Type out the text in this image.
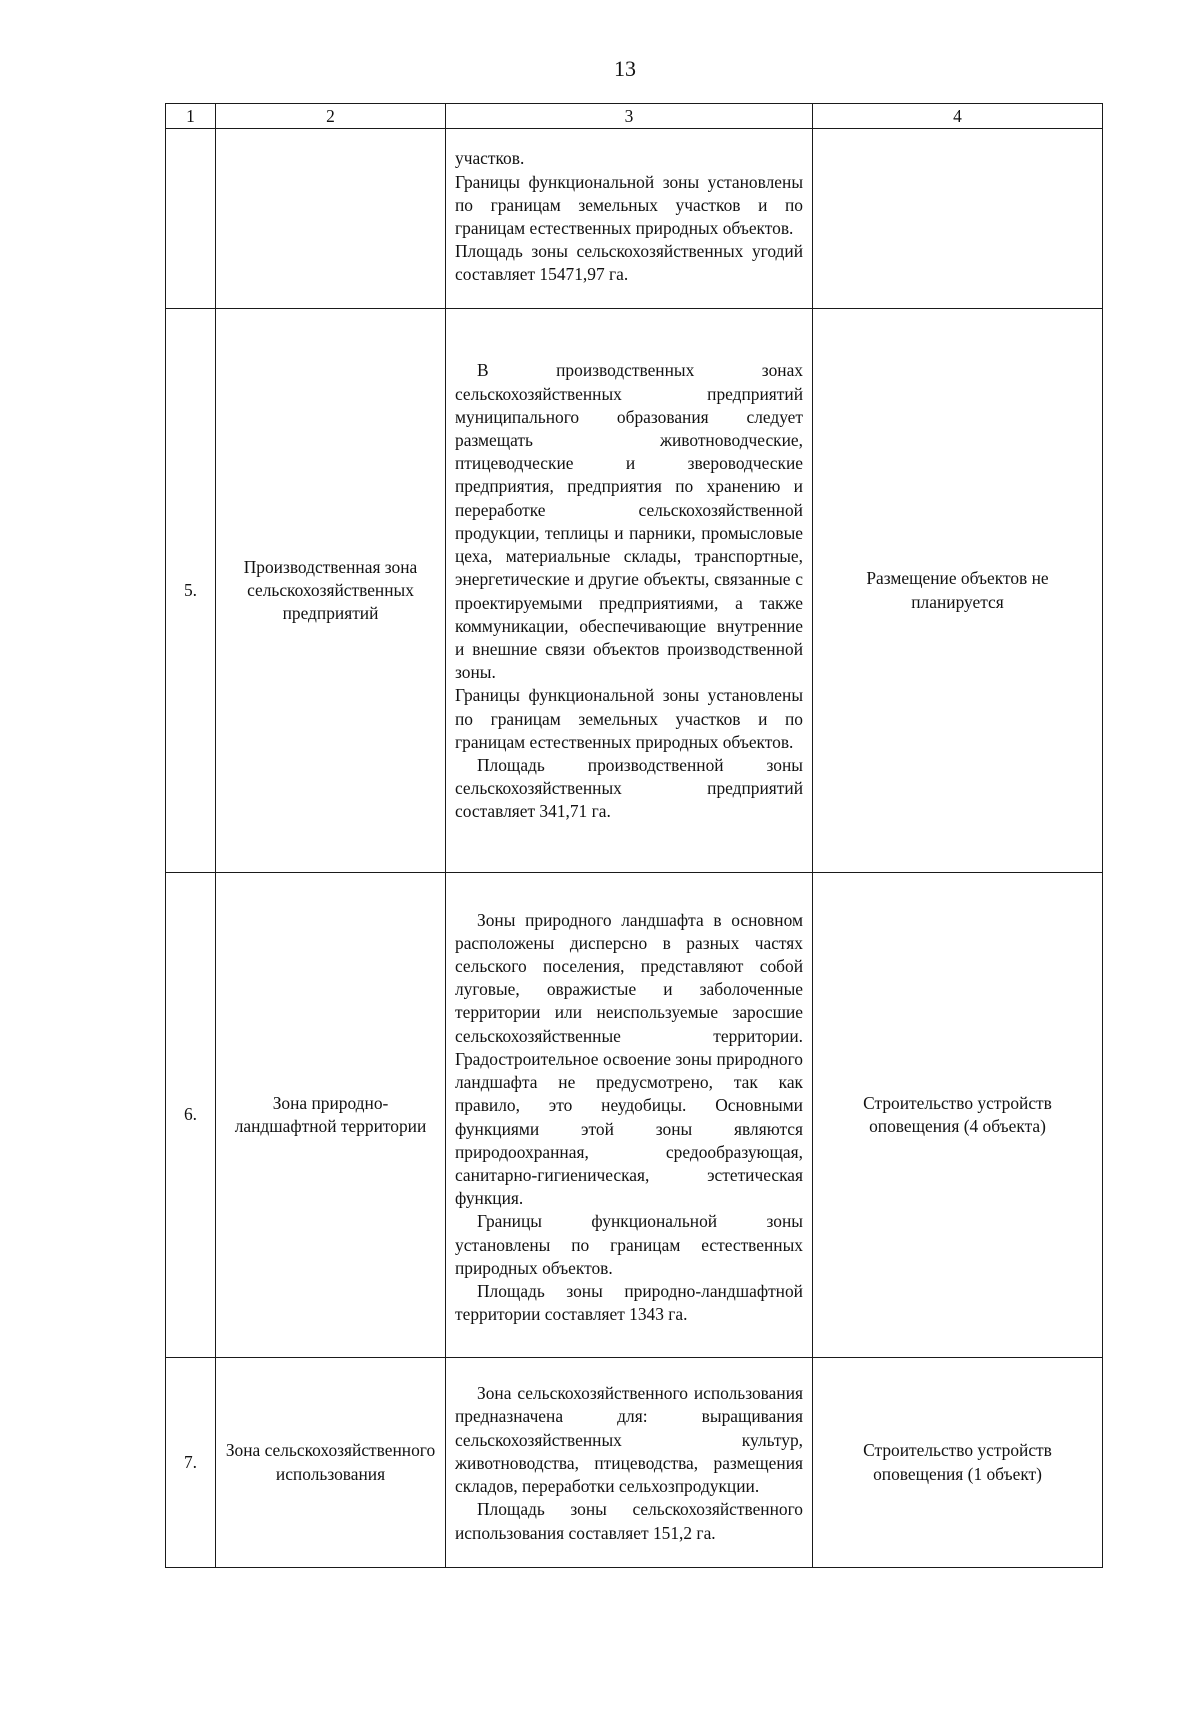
13
1	2	3	4

		участков.

Границы функциональной зоны установлены по границам земельных участков и по границам естественных природных объектов.

Площадь зоны сельскохозяйственных угодий составляет 15471,97 га.	

5.	Производственная зона сельскохозяйственных предприятий	В производственных зонах сельскохозяйственных предприятий муниципального образования следует размещать животноводческие, птицеводческие и звероводческие предприятия, предприятия по хранению и переработке сельскохозяйственной продукции, теплицы и парники, промысловые цеха, материальные склады, транспортные, энергетические и другие объекты, связанные с проектируемыми предприятиями, а также коммуникации, обеспечивающие внутренние и внешние связи объектов производственной зоны.

Границы функциональной зоны установлены по границам земельных участков и по границам естественных природных объектов.

Площадь производственной зоны сельскохозяйственных предприятий составляет 341,71 га.	Размещение объектов не планируется
6.	Зона природно-ландшафтной территории	Зоны природного ландшафта в основном расположены дисперсно в разных частях сельского поселения, представляют собой луговые, овражистые и заболоченные территории или неиспользуемые заросшие сельскохозяйственные территории. Градостроительное освоение зоны природного ландшафта не предусмотрено, так как правило, это неудобицы. Основными функциями этой зоны являются природоохранная, средообразующая, санитарно-гигиеническая, эстетическая функция.

Границы функциональной зоны установлены по границам естественных природных объектов.

Площадь зоны природно-ландшафтной территории составляет 1343 га.	Строительство устройств оповещения (4 объекта)
7.	Зона сельскохозяйственного использования	Зона сельскохозяйственного использования предназначена для: выращивания сельскохозяйственных культур, животноводства, птицеводства, размещения складов, переработки сельхозпродукции.

Площадь зоны сельскохозяйственного использования составляет 151,2 га.	Строительство устройств оповещения (1 объект)
